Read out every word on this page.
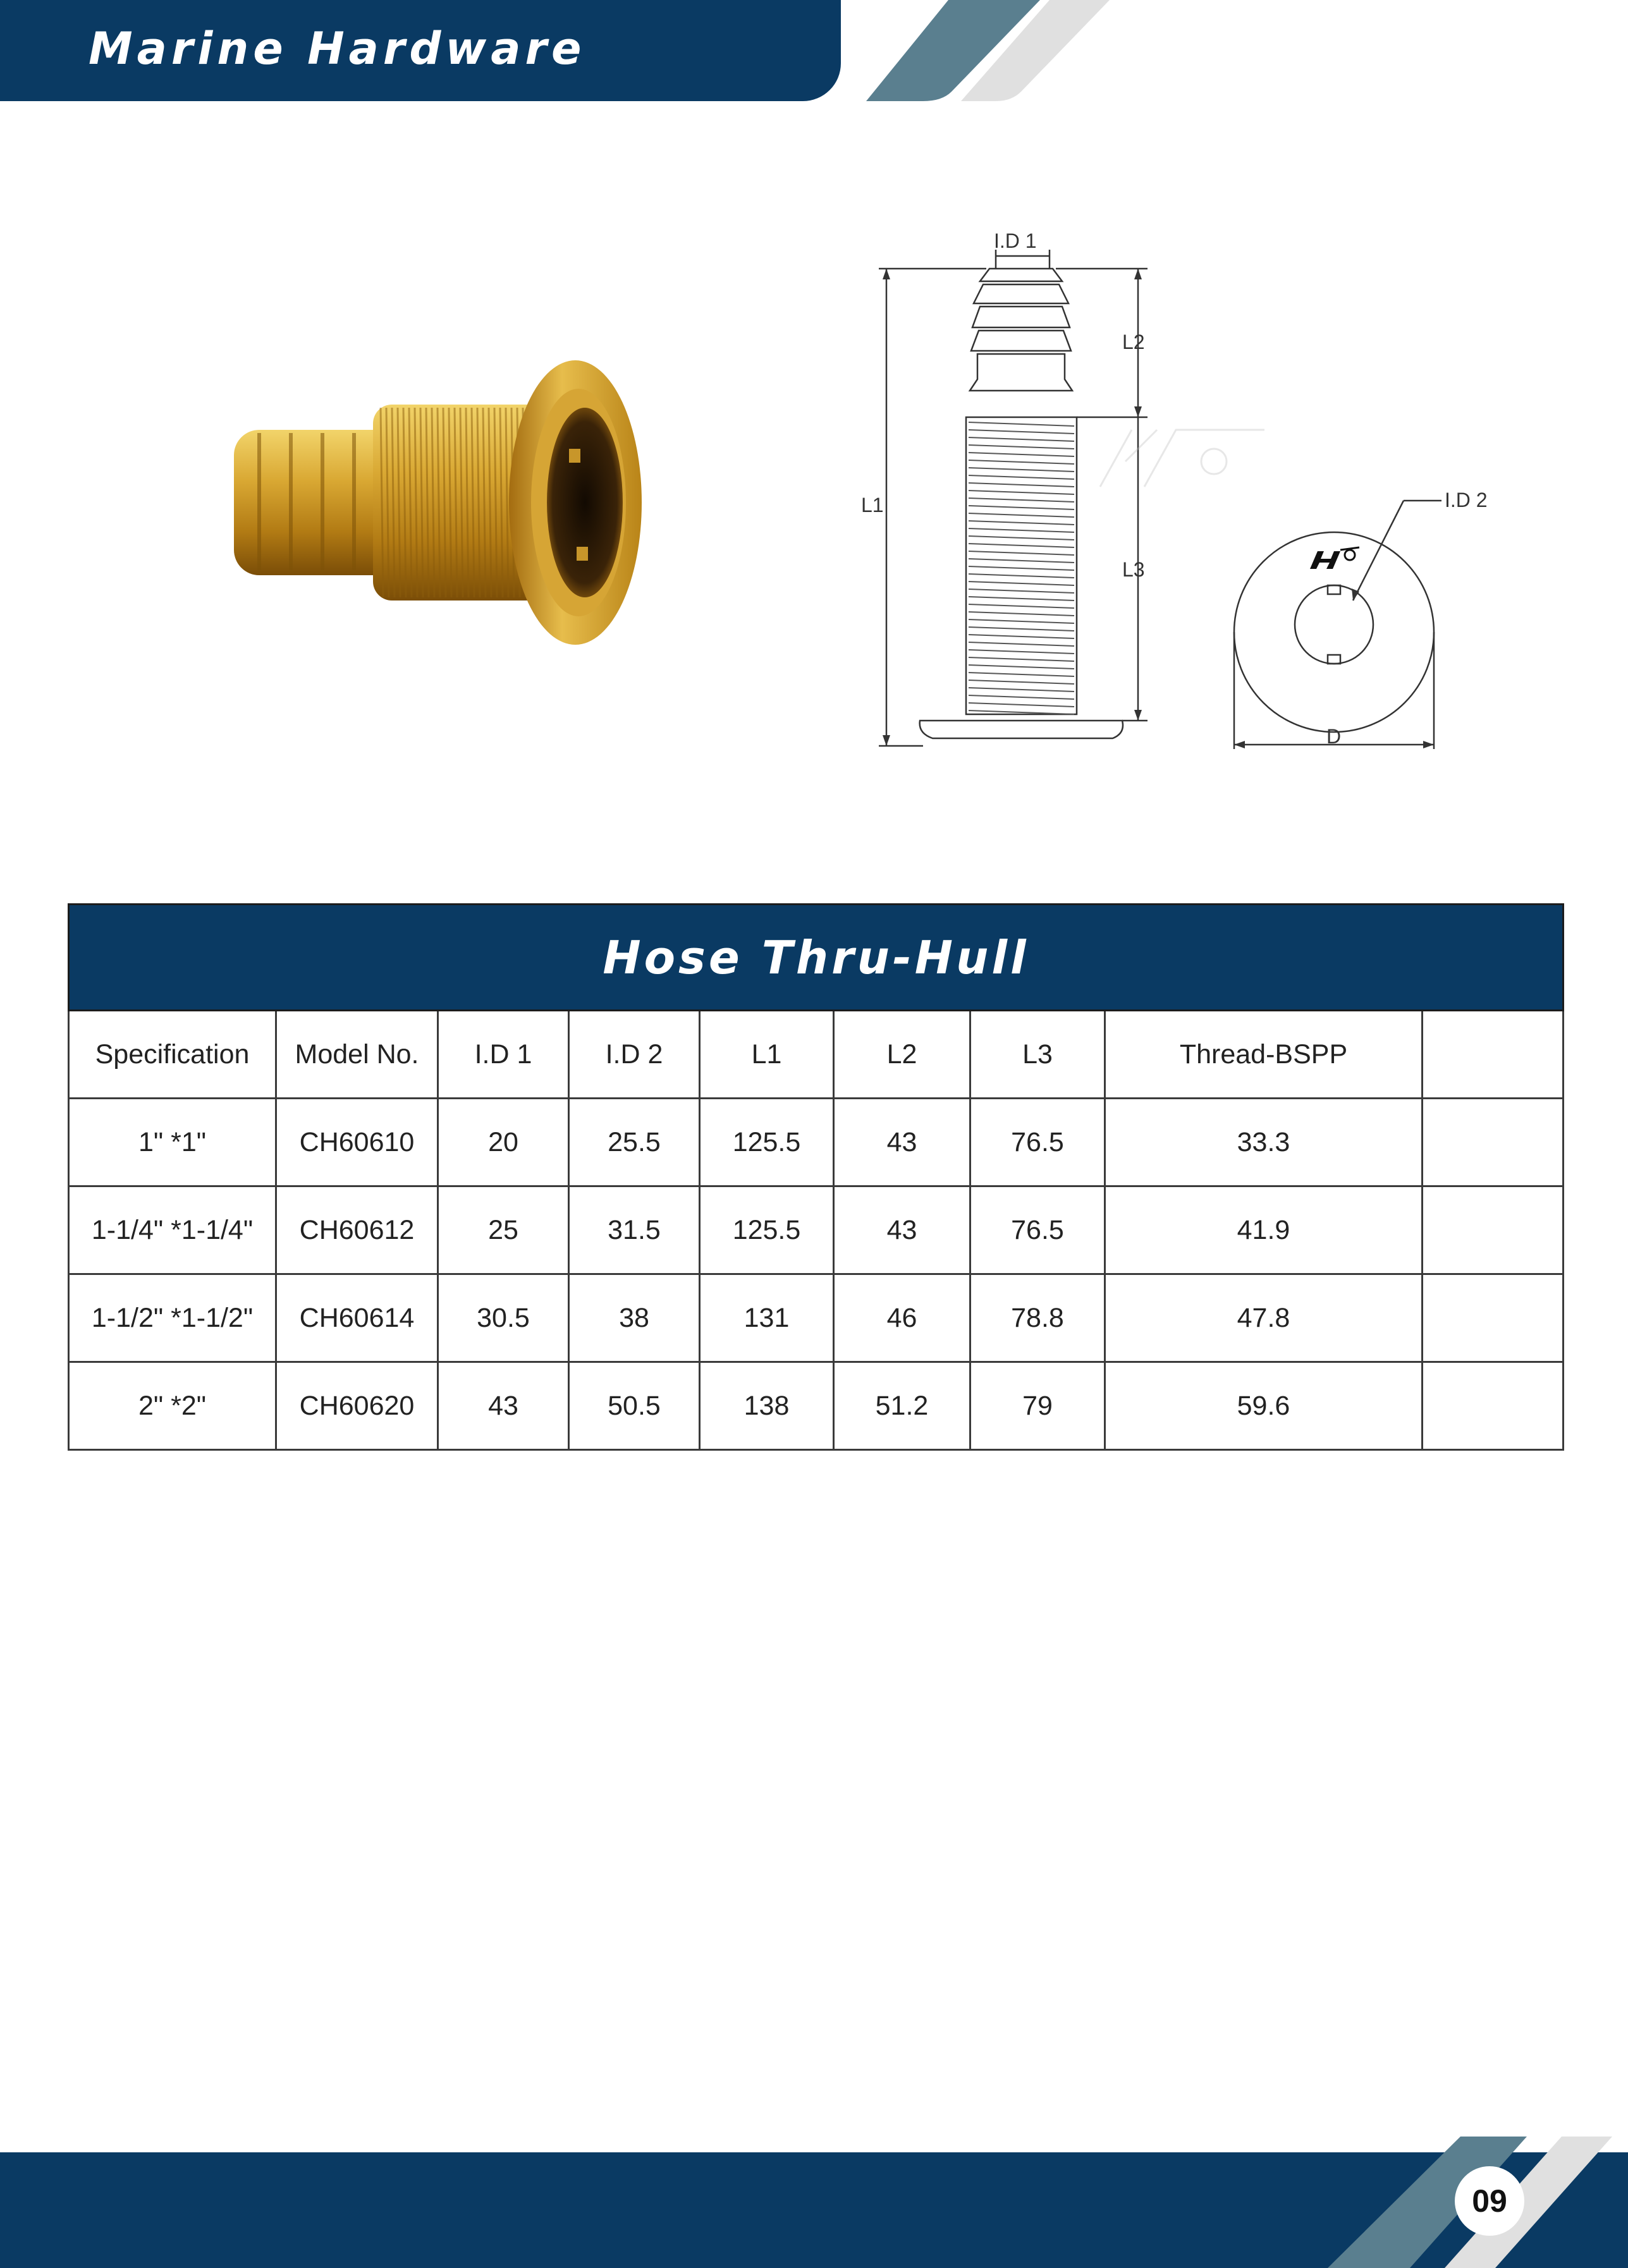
Marine Hardware
I.D 1
I.D 2
L1
L2
L3
D
Hose Thru-Hull								
Specification	Model No.	I.D 1	I.D 2	L1	L2	L3	Thread-BSPP	
1" *1"	CH60610	20	25.5	125.5	43	76.5	33.3	
1-1/4" *1-1/4"	CH60612	25	31.5	125.5	43	76.5	41.9	
1-1/2" *1-1/2"	CH60614	30.5	38	131	46	78.8	47.8	
2" *2"	CH60620	43	50.5	138	51.2	79	59.6	
09
